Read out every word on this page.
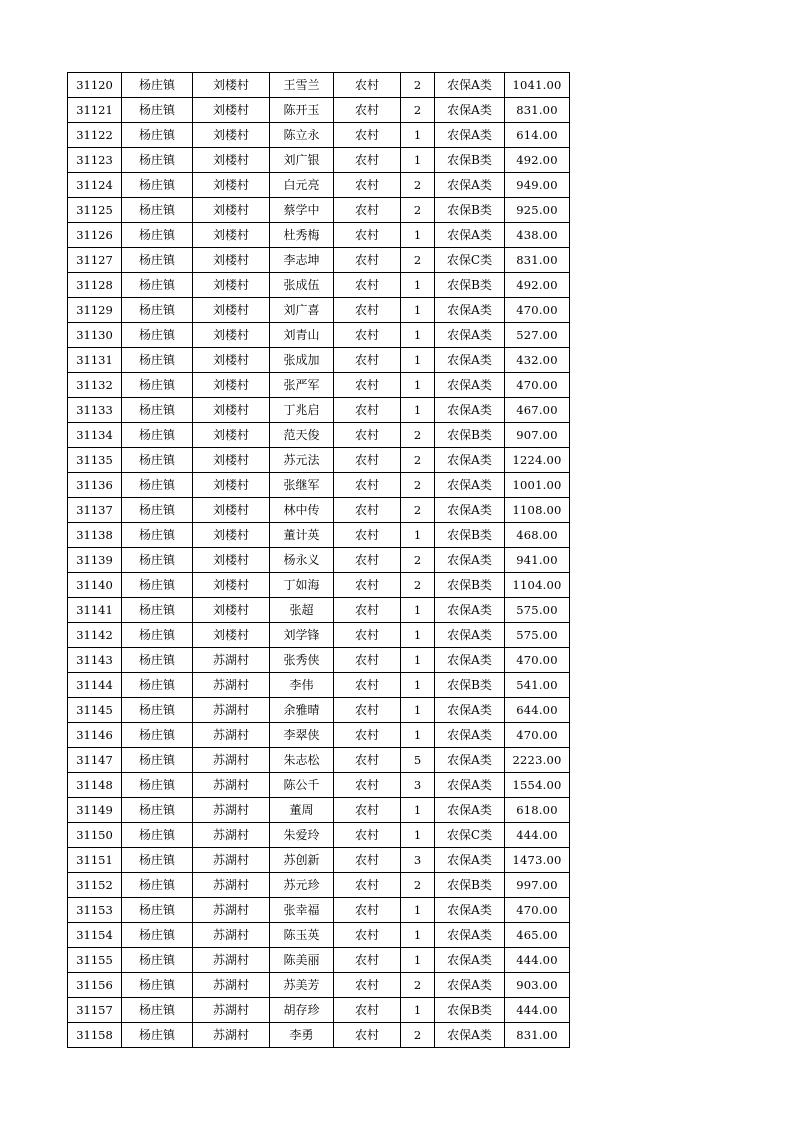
31120	杨庄镇	刘楼村	王雪兰	农村	2	农保A类	1041.00
31121	杨庄镇	刘楼村	陈开玉	农村	2	农保A类	831.00
31122	杨庄镇	刘楼村	陈立永	农村	1	农保A类	614.00
31123	杨庄镇	刘楼村	刘广银	农村	1	农保B类	492.00
31124	杨庄镇	刘楼村	白元亮	农村	2	农保A类	949.00
31125	杨庄镇	刘楼村	蔡学中	农村	2	农保B类	925.00
31126	杨庄镇	刘楼村	杜秀梅	农村	1	农保A类	438.00
31127	杨庄镇	刘楼村	李志坤	农村	2	农保C类	831.00
31128	杨庄镇	刘楼村	张成伍	农村	1	农保B类	492.00
31129	杨庄镇	刘楼村	刘广喜	农村	1	农保A类	470.00
31130	杨庄镇	刘楼村	刘青山	农村	1	农保A类	527.00
31131	杨庄镇	刘楼村	张成加	农村	1	农保A类	432.00
31132	杨庄镇	刘楼村	张严军	农村	1	农保A类	470.00
31133	杨庄镇	刘楼村	丁兆启	农村	1	农保A类	467.00
31134	杨庄镇	刘楼村	范天俊	农村	2	农保B类	907.00
31135	杨庄镇	刘楼村	苏元法	农村	2	农保A类	1224.00
31136	杨庄镇	刘楼村	张继军	农村	2	农保A类	1001.00
31137	杨庄镇	刘楼村	林中传	农村	2	农保A类	1108.00
31138	杨庄镇	刘楼村	董计英	农村	1	农保B类	468.00
31139	杨庄镇	刘楼村	杨永义	农村	2	农保A类	941.00
31140	杨庄镇	刘楼村	丁如海	农村	2	农保B类	1104.00
31141	杨庄镇	刘楼村	张超	农村	1	农保A类	575.00
31142	杨庄镇	刘楼村	刘学锋	农村	1	农保A类	575.00
31143	杨庄镇	苏湖村	张秀侠	农村	1	农保A类	470.00
31144	杨庄镇	苏湖村	李伟	农村	1	农保B类	541.00
31145	杨庄镇	苏湖村	余雅晴	农村	1	农保A类	644.00
31146	杨庄镇	苏湖村	李翠侠	农村	1	农保A类	470.00
31147	杨庄镇	苏湖村	朱志松	农村	5	农保A类	2223.00
31148	杨庄镇	苏湖村	陈公千	农村	3	农保A类	1554.00
31149	杨庄镇	苏湖村	董周	农村	1	农保A类	618.00
31150	杨庄镇	苏湖村	朱爱玲	农村	1	农保C类	444.00
31151	杨庄镇	苏湖村	苏创新	农村	3	农保A类	1473.00
31152	杨庄镇	苏湖村	苏元珍	农村	2	农保B类	997.00
31153	杨庄镇	苏湖村	张幸福	农村	1	农保A类	470.00
31154	杨庄镇	苏湖村	陈玉英	农村	1	农保A类	465.00
31155	杨庄镇	苏湖村	陈美丽	农村	1	农保A类	444.00
31156	杨庄镇	苏湖村	苏美芳	农村	2	农保A类	903.00
31157	杨庄镇	苏湖村	胡存珍	农村	1	农保B类	444.00
31158	杨庄镇	苏湖村	李勇	农村	2	农保A类	831.00
